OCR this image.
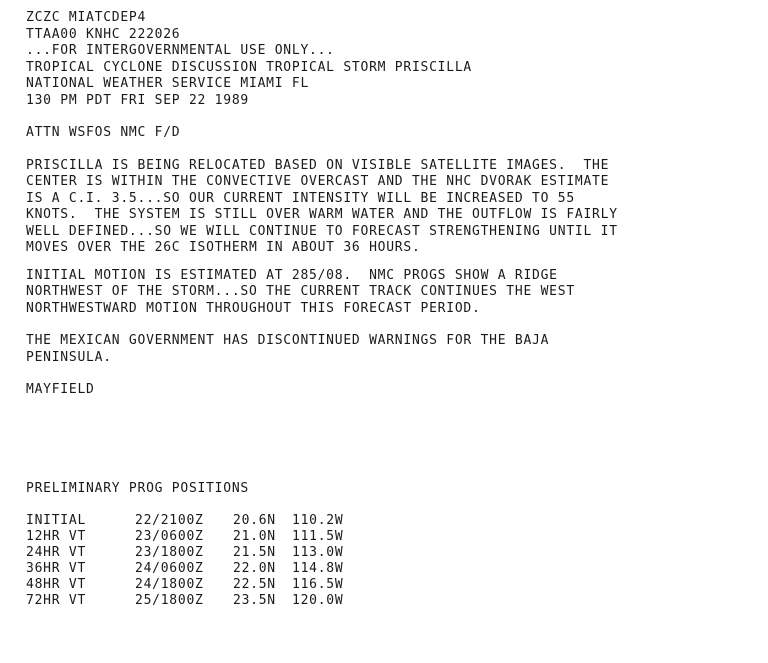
ZCZC MIATCDEP4
TTAA00 KNHC 222026
...FOR INTERGOVERNMENTAL USE ONLY...
TROPICAL CYCLONE DISCUSSION TROPICAL STORM PRISCILLA
NATIONAL WEATHER SERVICE MIAMI FL
130 PM PDT FRI SEP 22 1989
ATTN WSFOS NMC F/D
PRISCILLA IS BEING RELOCATED BASED ON VISIBLE SATELLITE IMAGES.  THE
CENTER IS WITHIN THE CONVECTIVE OVERCAST AND THE NHC DVORAK ESTIMATE
IS A C.I. 3.5...SO OUR CURRENT INTENSITY WILL BE INCREASED TO 55
KNOTS.  THE SYSTEM IS STILL OVER WARM WATER AND THE OUTFLOW IS FAIRLY
WELL DEFINED...SO WE WILL CONTINUE TO FORECAST STRENGTHENING UNTIL IT
MOVES OVER THE 26C ISOTHERM IN ABOUT 36 HOURS.
INITIAL MOTION IS ESTIMATED AT 285/08.  NMC PROGS SHOW A RIDGE
NORTHWEST OF THE STORM...SO THE CURRENT TRACK CONTINUES THE WEST
NORTHWESTWARD MOTION THROUGHOUT THIS FORECAST PERIOD.
THE MEXICAN GOVERNMENT HAS DISCONTINUED WARNINGS FOR THE BAJA
PENINSULA.
MAYFIELD
PRELIMINARY PROG POSITIONS
INITIAL	22/2100Z	20.6N	110.2W
12HR VT	23/0600Z	21.0N	111.5W
24HR VT	23/1800Z	21.5N	113.0W
36HR VT	24/0600Z	22.0N	114.8W
48HR VT	24/1800Z	22.5N	116.5W
72HR VT	25/1800Z	23.5N	120.0W
